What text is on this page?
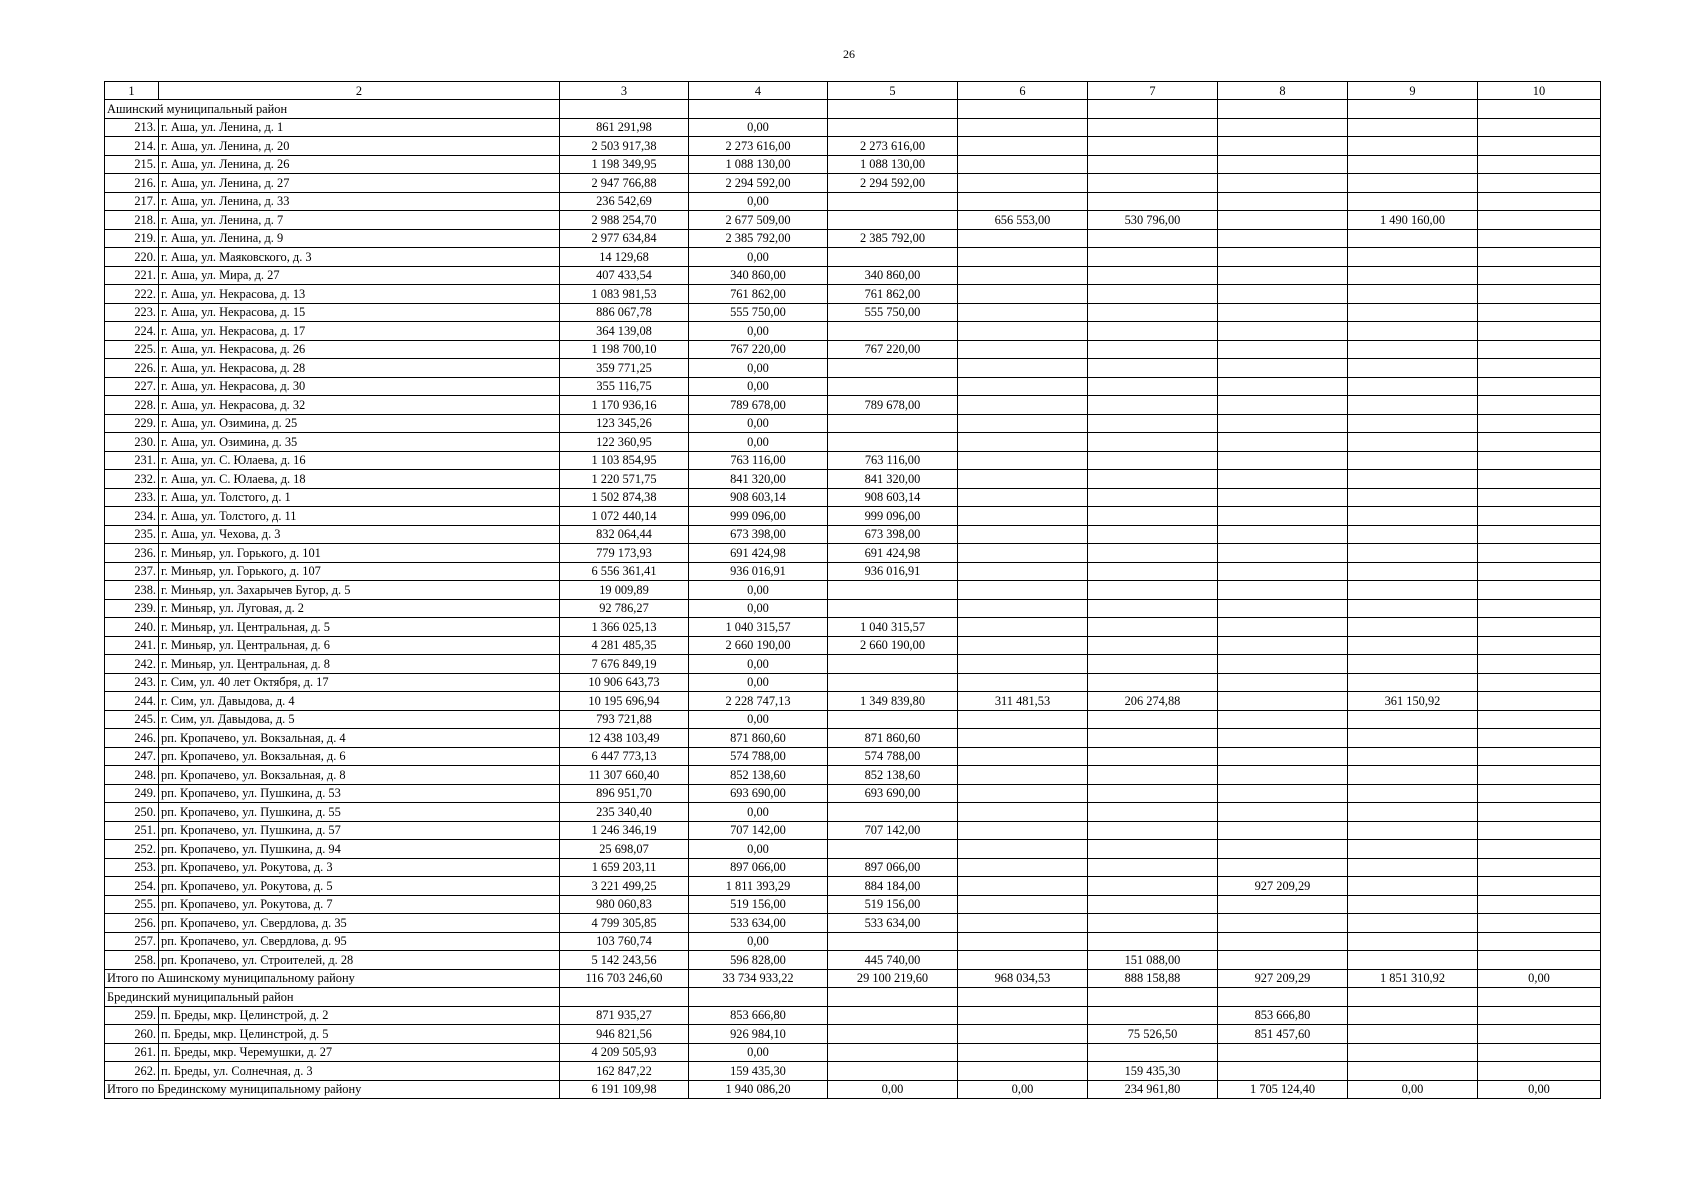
26
1	2	3	4	5	6	7	8	9	10
Ашинский муниципальный район									
213.	г. Аша, ул. Ленина, д. 1	861 291,98	0,00						
214.	г. Аша, ул. Ленина, д. 20	2 503 917,38	2 273 616,00	2 273 616,00					
215.	г. Аша, ул. Ленина, д. 26	1 198 349,95	1 088 130,00	1 088 130,00					
216.	г. Аша, ул. Ленина, д. 27	2 947 766,88	2 294 592,00	2 294 592,00					
217.	г. Аша, ул. Ленина, д. 33	236 542,69	0,00						
218.	г. Аша, ул. Ленина, д. 7	2 988 254,70	2 677 509,00		656 553,00	530 796,00		1 490 160,00	
219.	г. Аша, ул. Ленина, д. 9	2 977 634,84	2 385 792,00	2 385 792,00					
220.	г. Аша, ул. Маяковского, д. 3	14 129,68	0,00						
221.	г. Аша, ул. Мира, д. 27	407 433,54	340 860,00	340 860,00					
222.	г. Аша, ул. Некрасова, д. 13	1 083 981,53	761 862,00	761 862,00					
223.	г. Аша, ул. Некрасова, д. 15	886 067,78	555 750,00	555 750,00					
224.	г. Аша, ул. Некрасова, д. 17	364 139,08	0,00						
225.	г. Аша, ул. Некрасова, д. 26	1 198 700,10	767 220,00	767 220,00					
226.	г. Аша, ул. Некрасова, д. 28	359 771,25	0,00						
227.	г. Аша, ул. Некрасова, д. 30	355 116,75	0,00						
228.	г. Аша, ул. Некрасова, д. 32	1 170 936,16	789 678,00	789 678,00					
229.	г. Аша, ул. Озимина, д. 25	123 345,26	0,00						
230.	г. Аша, ул. Озимина, д. 35	122 360,95	0,00						
231.	г. Аша, ул. С. Юлаева, д. 16	1 103 854,95	763 116,00	763 116,00					
232.	г. Аша, ул. С. Юлаева, д. 18	1 220 571,75	841 320,00	841 320,00					
233.	г. Аша, ул. Толстого, д. 1	1 502 874,38	908 603,14	908 603,14					
234.	г. Аша, ул. Толстого, д. 11	1 072 440,14	999 096,00	999 096,00					
235.	г. Аша, ул. Чехова, д. 3	832 064,44	673 398,00	673 398,00					
236.	г. Миньяр, ул. Горького, д. 101	779 173,93	691 424,98	691 424,98					
237.	г. Миньяр, ул. Горького, д. 107	6 556 361,41	936 016,91	936 016,91					
238.	г. Миньяр, ул. Захарычев Бугор, д. 5	19 009,89	0,00						
239.	г. Миньяр, ул. Луговая, д. 2	92 786,27	0,00						
240.	г. Миньяр, ул. Центральная, д. 5	1 366 025,13	1 040 315,57	1 040 315,57					
241.	г. Миньяр, ул. Центральная, д. 6	4 281 485,35	2 660 190,00	2 660 190,00					
242.	г. Миньяр, ул. Центральная, д. 8	7 676 849,19	0,00						
243.	г. Сим, ул. 40 лет Октября, д. 17	10 906 643,73	0,00						
244.	г. Сим, ул. Давыдова, д. 4	10 195 696,94	2 228 747,13	1 349 839,80	311 481,53	206 274,88		361 150,92	
245.	г. Сим, ул. Давыдова, д. 5	793 721,88	0,00						
246.	рп. Кропачево, ул. Вокзальная, д. 4	12 438 103,49	871 860,60	871 860,60					
247.	рп. Кропачево, ул. Вокзальная, д. 6	6 447 773,13	574 788,00	574 788,00					
248.	рп. Кропачево, ул. Вокзальная, д. 8	11 307 660,40	852 138,60	852 138,60					
249.	рп. Кропачево, ул. Пушкина, д. 53	896 951,70	693 690,00	693 690,00					
250.	рп. Кропачево, ул. Пушкина, д. 55	235 340,40	0,00						
251.	рп. Кропачево, ул. Пушкина, д. 57	1 246 346,19	707 142,00	707 142,00					
252.	рп. Кропачево, ул. Пушкина, д. 94	25 698,07	0,00						
253.	рп. Кропачево, ул. Рокутова, д. 3	1 659 203,11	897 066,00	897 066,00					
254.	рп. Кропачево, ул. Рокутова, д. 5	3 221 499,25	1 811 393,29	884 184,00			927 209,29		
255.	рп. Кропачево, ул. Рокутова, д. 7	980 060,83	519 156,00	519 156,00					
256.	рп. Кропачево, ул. Свердлова, д. 35	4 799 305,85	533 634,00	533 634,00					
257.	рп. Кропачево, ул. Свердлова, д. 95	103 760,74	0,00						
258.	рп. Кропачево, ул. Строителей, д. 28	5 142 243,56	596 828,00	445 740,00		151 088,00			
Итого по Ашинскому муниципальному району		116 703 246,60	33 734 933,22	29 100 219,60	968 034,53	888 158,88	927 209,29	1 851 310,92	0,00
Брединский муниципальный район									
259.	п. Бреды, мкр. Целинстрой, д. 2	871 935,27	853 666,80				853 666,80		
260.	п. Бреды, мкр. Целинстрой, д. 5	946 821,56	926 984,10			75 526,50	851 457,60		
261.	п. Бреды, мкр. Черемушки, д. 27	4 209 505,93	0,00						
262.	п. Бреды, ул. Солнечная, д. 3	162 847,22	159 435,30			159 435,30			
Итого по Брединскому муниципальному району		6 191 109,98	1 940 086,20	0,00	0,00	234 961,80	1 705 124,40	0,00	0,00
